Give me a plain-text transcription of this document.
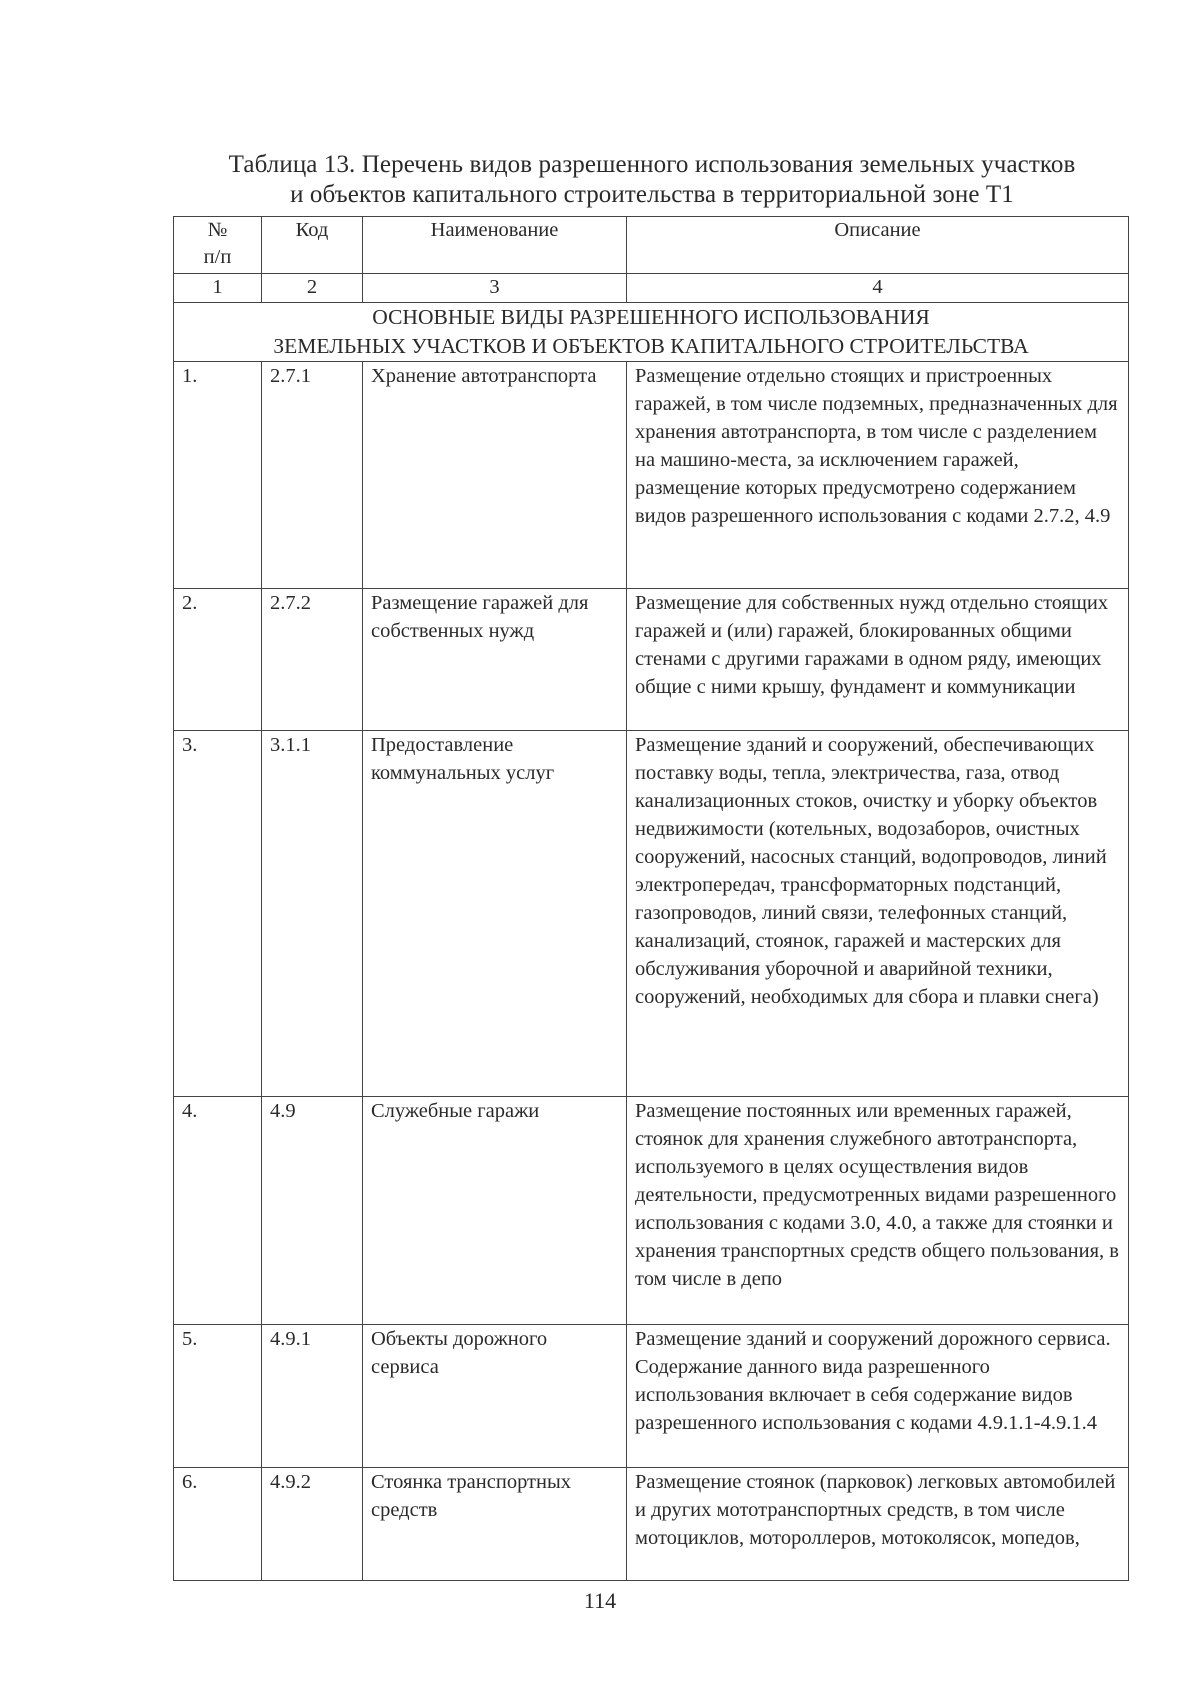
Таблица 13. Перечень видов разрешенного использования земельных участков
и объектов капитального строительства в территориальной зоне Т1
№
п/п	Код	Наименование	Описание
1	2	3	4

ОСНОВНЫЕ ВИДЫ РАЗРЕШЕННОГО ИСПОЛЬЗОВАНИЯ
ЗЕМЕЛЬНЫХ УЧАСТКОВ И ОБЪЕКТОВ КАПИТАЛЬНОГО СТРОИТЕЛЬСТВА			

1.	2.7.1	Хранение автотранспорта	Размещение отдельно стоящих и пристроенных гаражей, в том числе подземных, предназначенных для хранения автотранспорта, в том числе с разделением на машино-места, за исключением гаражей, размещение которых предусмотрено содержанием видов разрешенного использования с кодами 2.7.2, 4.9
2.	2.7.2	Размещение гаражей для собственных нужд	Размещение для собственных нужд отдельно стоящих гаражей и (или) гаражей, блокированных общими стенами с другими гаражами в одном ряду, имеющих общие с ними крышу, фундамент и коммуникации
3.	3.1.1	Предоставление коммунальных услуг	Размещение зданий и сооружений, обеспечивающих поставку воды, тепла, электричества, газа, отвод канализационных стоков, очистку и уборку объектов недвижимости (котельных, водозаборов, очистных сооружений, насосных станций, водопроводов, линий электропередач, трансформаторных подстанций, газопроводов, линий связи, телефонных станций, канализаций, стоянок, гаражей и мастерских для обслуживания уборочной и аварийной техники, сооружений, необходимых для сбора и плавки снега)
4.	4.9	Служебные гаражи	Размещение постоянных или временных гаражей, стоянок для хранения служебного автотранспорта, используемого в целях осуществления видов деятельности, предусмотренных видами разрешенного использования с кодами 3.0, 4.0, а также для стоянки и хранения транспортных средств общего пользования, в том числе в депо
5.	4.9.1	Объекты дорожного сервиса	Размещение зданий и сооружений дорожного сервиса. Содержание данного вида разрешенного использования включает в себя содержание видов разрешенного использования с кодами 4.9.1.1-4.9.1.4
6.	4.9.2	Стоянка транспортных средств	Размещение стоянок (парковок) легковых автомобилей и других мототранспортных средств, в том числе мотоциклов, мотороллеров, мотоколясок, мопедов,
114
